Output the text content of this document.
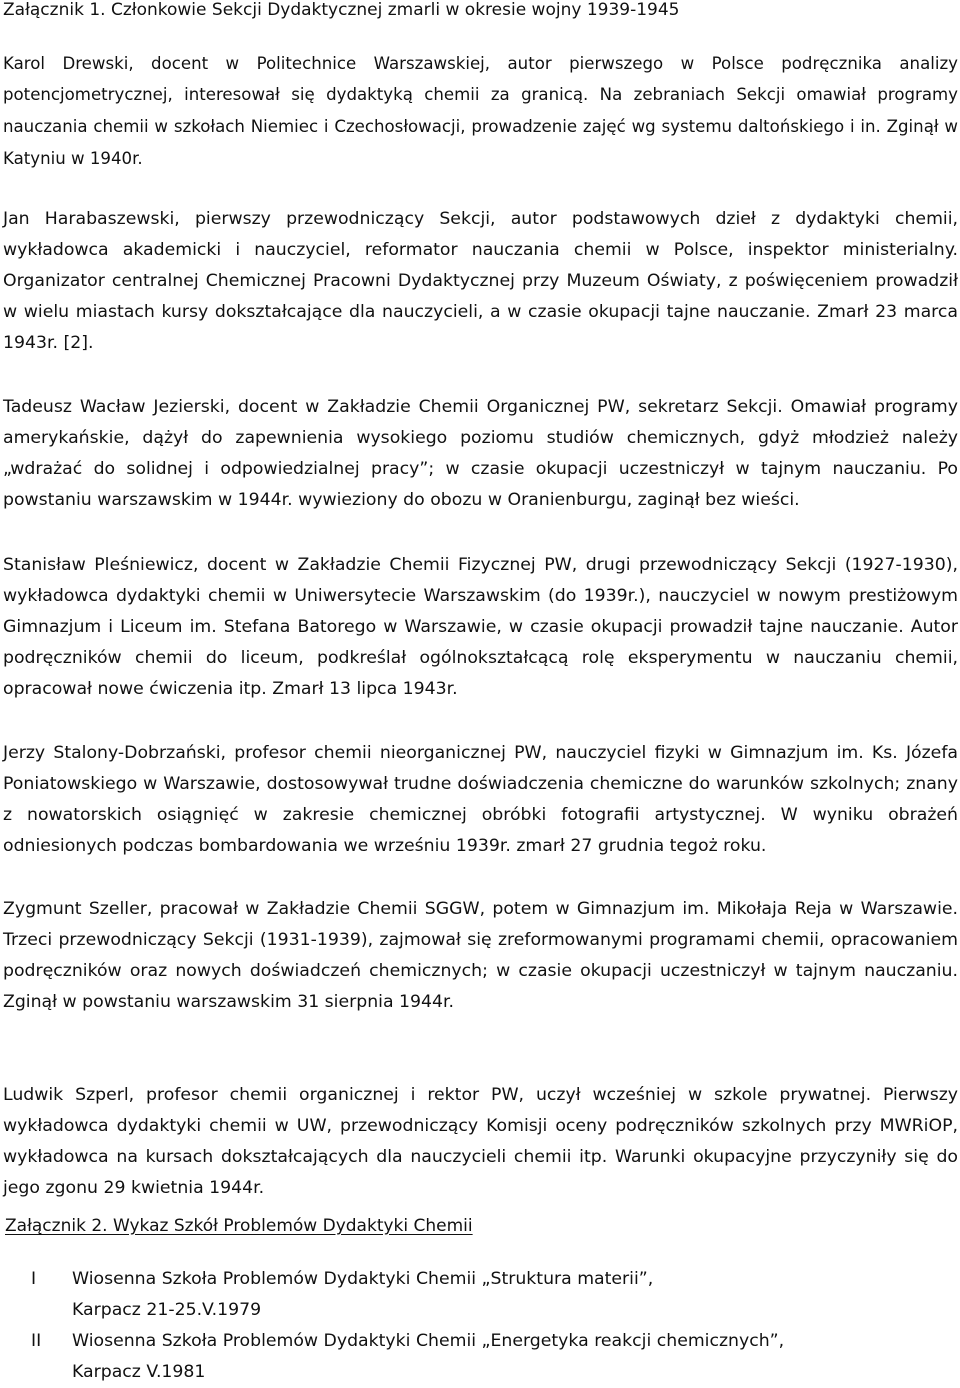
Załącznik 1. Członkowie Sekcji Dydaktycznej zmarli w okresie wojny 1939-1945
Karol Drewski, docent w Politechnice Warszawskiej, autor pierwszego w Polsce podręcznika analizy
potencjometrycznej, interesował się dydaktyką chemii za granicą. Na zebraniach Sekcji omawiał programy nauczania chemii w szkołach Niemiec i Czechosłowacji, prowadzenie zajęć wg systemu daltońskiego i in. Zginął w Katyniu w 1940r.
Jan Harabaszewski, pierwszy przewodniczący Sekcji, autor podstawowych dzieł z dydaktyki chemii, wykładowca akademicki i nauczyciel, reformator nauczania chemii w Polsce, inspektor ministerialny. Organizator centralnej Chemicznej Pracowni Dydaktycznej przy Muzeum Oświaty, z poświęceniem prowadził w wielu miastach kursy dokształcające dla nauczycieli, a w czasie okupacji tajne nauczanie. Zmarł 23 marca 1943r. [2].
Tadeusz Wacław Jezierski, docent w Zakładzie Chemii Organicznej PW, sekretarz Sekcji. Omawiał programy amerykańskie, dążył do zapewnienia wysokiego poziomu studiów chemicznych, gdyż młodzież należy „wdrażać do solidnej i odpowiedzialnej pracy”; w czasie okupacji uczestniczył w tajnym nauczaniu. Po powstaniu warszawskim w 1944r. wywieziony do obozu w Oranienburgu, zaginął bez wieści.
Stanisław Pleśniewicz, docent w Zakładzie Chemii Fizycznej PW, drugi przewodniczący Sekcji (1927-1930), wykładowca dydaktyki chemii w Uniwersytecie Warszawskim (do 1939r.), nauczyciel w nowym prestiżowym Gimnazjum i Liceum im. Stefana Batorego w Warszawie, w czasie okupacji prowadził tajne nauczanie. Autor podręczników chemii do liceum, podkreślał ogólnokształcącą rolę eksperymentu w nauczaniu chemii, opracował nowe ćwiczenia itp. Zmarł 13 lipca 1943r.
Jerzy Stalony-Dobrzański, profesor chemii nieorganicznej PW, nauczyciel fizyki w Gimnazjum im. Ks. Józefa Poniatowskiego w Warszawie, dostosowywał trudne doświadczenia chemiczne do warunków szkolnych; znany z nowatorskich osiągnięć w zakresie chemicznej obróbki fotografii artystycznej. W wyniku obrażeń odniesionych podczas bombardowania we wrześniu 1939r. zmarł 27 grudnia tegoż roku.
Zygmunt Szeller, pracował w Zakładzie Chemii SGGW, potem w Gimnazjum im. Mikołaja Reja w Warszawie. Trzeci przewodniczący Sekcji (1931-1939), zajmował się zreformowanymi programami chemii, opracowaniem podręczników oraz nowych doświadczeń chemicznych; w czasie okupacji uczestniczył w tajnym nauczaniu. Zginął w powstaniu warszawskim 31 sierpnia 1944r.
Ludwik Szperl, profesor chemii organicznej i rektor PW, uczył wcześniej w szkole prywatnej. Pierwszy wykładowca dydaktyki chemii w UW, przewodniczący Komisji oceny podręczników szkolnych przy MWRiOP, wykładowca na kursach dokształcających dla nauczycieli chemii itp. Warunki okupacyjne przyczyniły się do jego zgonu 29 kwietnia 1944r.
Załącznik 2. Wykaz Szkół Problemów Dydaktyki Chemii
I Wiosenna Szkoła Problemów Dydaktyki Chemii „Struktura materii”,
Karpacz 21-25.V.1979
II Wiosenna Szkoła Problemów Dydaktyki Chemii „Energetyka reakcji chemicznych”,
Karpacz V.1981
